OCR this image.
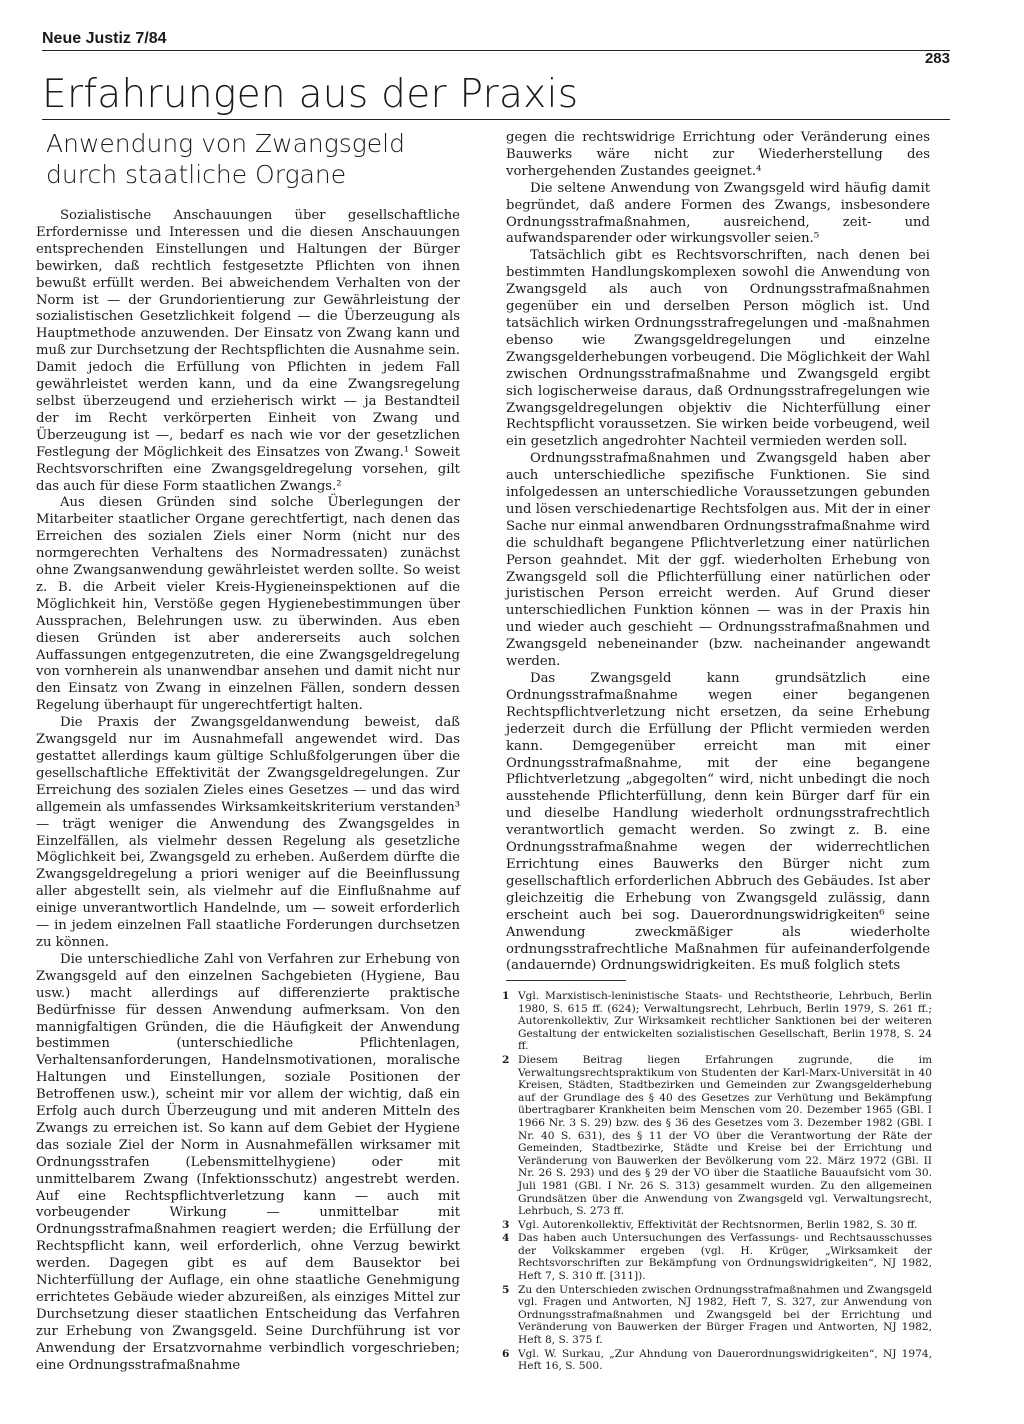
Neue Justiz 7/84
283
Erfahrungen aus der Praxis
Anwendung von Zwangsgeld
durch staatliche Organe

Sozialistische Anschauungen über gesellschaftliche Erfordernisse und Interessen und die diesen Anschauungen entsprechenden Einstellungen und Haltungen der Bürger bewirken, daß rechtlich festgesetzte Pflichten von ihnen bewußt erfüllt werden. Bei abweichendem Verhalten von der Norm ist — der Grundorientierung zur Gewährleistung der sozialistischen Gesetzlichkeit folgend — die Überzeugung als Hauptmethode anzuwenden. Der Einsatz von Zwang kann und muß zur Durchsetzung der Rechtspflichten die Ausnahme sein. Damit jedoch die Erfüllung von Pflichten in jedem Fall gewährleistet werden kann, und da eine Zwangsregelung selbst überzeugend und erzieherisch wirkt — ja Bestandteil der im Recht verkörperten Einheit von Zwang und Überzeugung ist —, bedarf es nach wie vor der gesetzlichen Festlegung der Möglichkeit des Einsatzes von Zwang.¹ Soweit Rechtsvorschriften eine Zwangsgeldregelung vorsehen, gilt das auch für diese Form staatlichen Zwangs.²

Aus diesen Gründen sind solche Überlegungen der Mitarbeiter staatlicher Organe gerechtfertigt, nach denen das Erreichen des sozialen Ziels einer Norm (nicht nur des normgerechten Verhaltens des Normadressaten) zunächst ohne Zwangsanwendung gewährleistet werden sollte. So weist z. B. die Arbeit vieler Kreis-Hygieneinspektionen auf die Möglichkeit hin, Verstöße gegen Hygienebestimmungen über Aussprachen, Belehrungen usw. zu überwinden. Aus eben diesen Gründen ist aber andererseits auch solchen Auffassungen entgegenzutreten, die eine Zwangsgeldregelung von vornherein als unanwendbar ansehen und damit nicht nur den Einsatz von Zwang in einzelnen Fällen, sondern dessen Regelung überhaupt für ungerechtfertigt halten.

Die Praxis der Zwangsgeldanwendung beweist, daß Zwangsgeld nur im Ausnahmefall angewendet wird. Das gestattet allerdings kaum gültige Schlußfolgerungen über die gesellschaftliche Effektivität der Zwangsgeldregelungen. Zur Erreichung des sozialen Zieles eines Gesetzes — und das wird allgemein als umfassendes Wirksamkeitskriterium verstanden³ — trägt weniger die Anwendung des Zwangsgeldes in Einzelfällen, als vielmehr dessen Regelung als gesetzliche Möglichkeit bei, Zwangsgeld zu erheben. Außerdem dürfte die Zwangsgeldregelung a priori weniger auf die Beeinflussung aller abgestellt sein, als vielmehr auf die Einflußnahme auf einige unverantwortlich Handelnde, um — soweit erforderlich — in jedem einzelnen Fall staatliche Forderungen durchsetzen zu können.

Die unterschiedliche Zahl von Verfahren zur Erhebung von Zwangsgeld auf den einzelnen Sachgebieten (Hygiene, Bau usw.) macht allerdings auf differenzierte praktische Bedürfnisse für dessen Anwendung aufmerksam. Von den mannigfaltigen Gründen, die die Häufigkeit der Anwendung bestimmen (unterschiedliche Pflichtenlagen, Verhaltensanforderungen, Handelnsmotivationen, moralische Haltungen und Einstellungen, soziale Positionen der Betroffenen usw.), scheint mir vor allem der wichtig, daß ein Erfolg auch durch Überzeugung und mit anderen Mitteln des Zwangs zu erreichen ist. So kann auf dem Gebiet der Hygiene das soziale Ziel der Norm in Ausnahmefällen wirksamer mit Ordnungsstrafen (Lebensmittelhygiene) oder mit unmittelbarem Zwang (Infektionsschutz) angestrebt werden. Auf eine Rechtspflichtverletzung kann — auch mit vorbeugender Wirkung — unmittelbar mit Ordnungsstrafmaßnahmen reagiert werden; die Erfüllung der Rechtspflicht kann, weil erforderlich, ohne Verzug bewirkt werden. Dagegen gibt es auf dem Bausektor bei Nichterfüllung der Auflage, ein ohne staatliche Genehmigung errichtetes Gebäude wieder abzureißen, als einziges Mittel zur Durchsetzung dieser staatlichen Entscheidung das Verfahren zur Erhebung von Zwangsgeld. Seine Durchführung ist vor Anwendung der Ersatzvornahme verbindlich vorgeschrieben; eine Ordnungsstrafmaßnahme

gegen die rechtswidrige Errichtung oder Veränderung eines Bauwerks wäre nicht zur Wiederherstellung des vorhergehenden Zustandes geeignet.⁴

Die seltene Anwendung von Zwangsgeld wird häufig damit begründet, daß andere Formen des Zwangs, insbesondere Ordnungsstrafmaßnahmen, ausreichend, zeit- und aufwandsparender oder wirkungsvoller seien.⁵

Tatsächlich gibt es Rechtsvorschriften, nach denen bei bestimmten Handlungskomplexen sowohl die Anwendung von Zwangsgeld als auch von Ordnungsstrafmaßnahmen gegenüber ein und derselben Person möglich ist. Und tatsächlich wirken Ordnungsstrafregelungen und -maßnahmen ebenso wie Zwangsgeldregelungen und einzelne Zwangsgelderhebungen vorbeugend. Die Möglichkeit der Wahl zwischen Ordnungsstrafmaßnahme und Zwangsgeld ergibt sich logischerweise daraus, daß Ordnungsstrafregelungen wie Zwangsgeldregelungen objektiv die Nichterfüllung einer Rechtspflicht voraussetzen. Sie wirken beide vorbeugend, weil ein gesetzlich angedrohter Nachteil vermieden werden soll.

Ordnungsstrafmaßnahmen und Zwangsgeld haben aber auch unterschiedliche spezifische Funktionen. Sie sind infolgedessen an unterschiedliche Voraussetzungen gebunden und lösen verschiedenartige Rechtsfolgen aus. Mit der in einer Sache nur einmal anwendbaren Ordnungsstrafmaßnahme wird die schuldhaft begangene Pflichtverletzung einer natürlichen Person geahndet. Mit der ggf. wiederholten Erhebung von Zwangsgeld soll die Pflichterfüllung einer natürlichen oder juristischen Person erreicht werden. Auf Grund dieser unterschiedlichen Funktion können — was in der Praxis hin und wieder auch geschieht — Ordnungsstrafmaßnahmen und Zwangsgeld nebeneinander (bzw. nacheinander angewandt werden.

Das Zwangsgeld kann grundsätzlich eine Ordnungsstrafmaßnahme wegen einer begangenen Rechtspflichtverletzung nicht ersetzen, da seine Erhebung jederzeit durch die Erfüllung der Pflicht vermieden werden kann. Demgegenüber erreicht man mit einer Ordnungsstrafmaßnahme, mit der eine begangene Pflichtverletzung „abgegolten“ wird, nicht unbedingt die noch ausstehende Pflichterfüllung, denn kein Bürger darf für ein und dieselbe Handlung wiederholt ordnungsstrafrechtlich verantwortlich gemacht werden. So zwingt z. B. eine Ordnungsstrafmaßnahme wegen der widerrechtlichen Errichtung eines Bauwerks den Bürger nicht zum gesellschaftlich erforderlichen Abbruch des Gebäudes. Ist aber gleichzeitig die Erhebung von Zwangsgeld zulässig, dann erscheint auch bei sog. Dauerordnungswidrigkeiten⁶ seine Anwendung zweckmäßiger als wiederholte ordnungsstrafrechtliche Maßnahmen für aufeinanderfolgende (andauernde) Ordnungswidrigkeiten. Es muß folglich stets

1 Vgl. Marxistisch-leninistische Staats- und Rechtstheorie, Lehrbuch, Berlin 1980, S. 615 ff. (624); Verwaltungsrecht, Lehrbuch, Berlin 1979, S. 261 ff.; Autorenkollektiv, Zur Wirksamkeit rechtlicher Sanktionen bei der weiteren Gestaltung der entwickelten sozialistischen Gesellschaft, Berlin 1978, S. 24 ff.
2 Diesem Beitrag liegen Erfahrungen zugrunde, die im Verwaltungsrechtspraktikum von Studenten der Karl-Marx-Universität in 40 Kreisen, Städten, Stadtbezirken und Gemeinden zur Zwangsgelderhebung auf der Grundlage des § 40 des Gesetzes zur Verhütung und Bekämpfung übertragbarer Krankheiten beim Menschen vom 20. Dezember 1965 (GBl. I 1966 Nr. 3 S. 29) bzw. des § 36 des Gesetzes vom 3. Dezember 1982 (GBl. I Nr. 40 S. 631), des § 11 der VO über die Verantwortung der Räte der Gemeinden, Stadtbezirke, Städte und Kreise bei der Errichtung und Veränderung von Bauwerken der Bevölkerung vom 22. März 1972 (GBl. II Nr. 26 S. 293) und des § 29 der VO über die Staatliche Bauaufsicht vom 30. Juli 1981 (GBl. I Nr. 26 S. 313) gesammelt wurden. Zu den allgemeinen Grundsätzen über die Anwendung von Zwangsgeld vgl. Verwaltungsrecht, Lehrbuch, S. 273 ff.
3 Vgl. Autorenkollektiv, Effektivität der Rechtsnormen, Berlin 1982, S. 30 ff.
4 Das haben auch Untersuchungen des Verfassungs- und Rechtsausschusses der Volkskammer ergeben (vgl. H. Krüger, „Wirksamkeit der Rechtsvorschriften zur Bekämpfung von Ordnungswidrigkeiten“, NJ 1982, Heft 7, S. 310 ff. [311]).
5 Zu den Unterschieden zwischen Ordnungsstrafmaßnahmen und Zwangsgeld vgl. Fragen und Antworten, NJ 1982, Heft 7, S. 327, zur Anwendung von Ordnungsstrafmaßnahmen und Zwangsgeld bei der Errichtung und Veränderung von Bauwerken der Bürger Fragen und Antworten, NJ 1982, Heft 8, S. 375 f.
6 Vgl. W. Surkau, „Zur Ahndung von Dauerordnungswidrigkeiten“, NJ 1974, Heft 16, S. 500.
